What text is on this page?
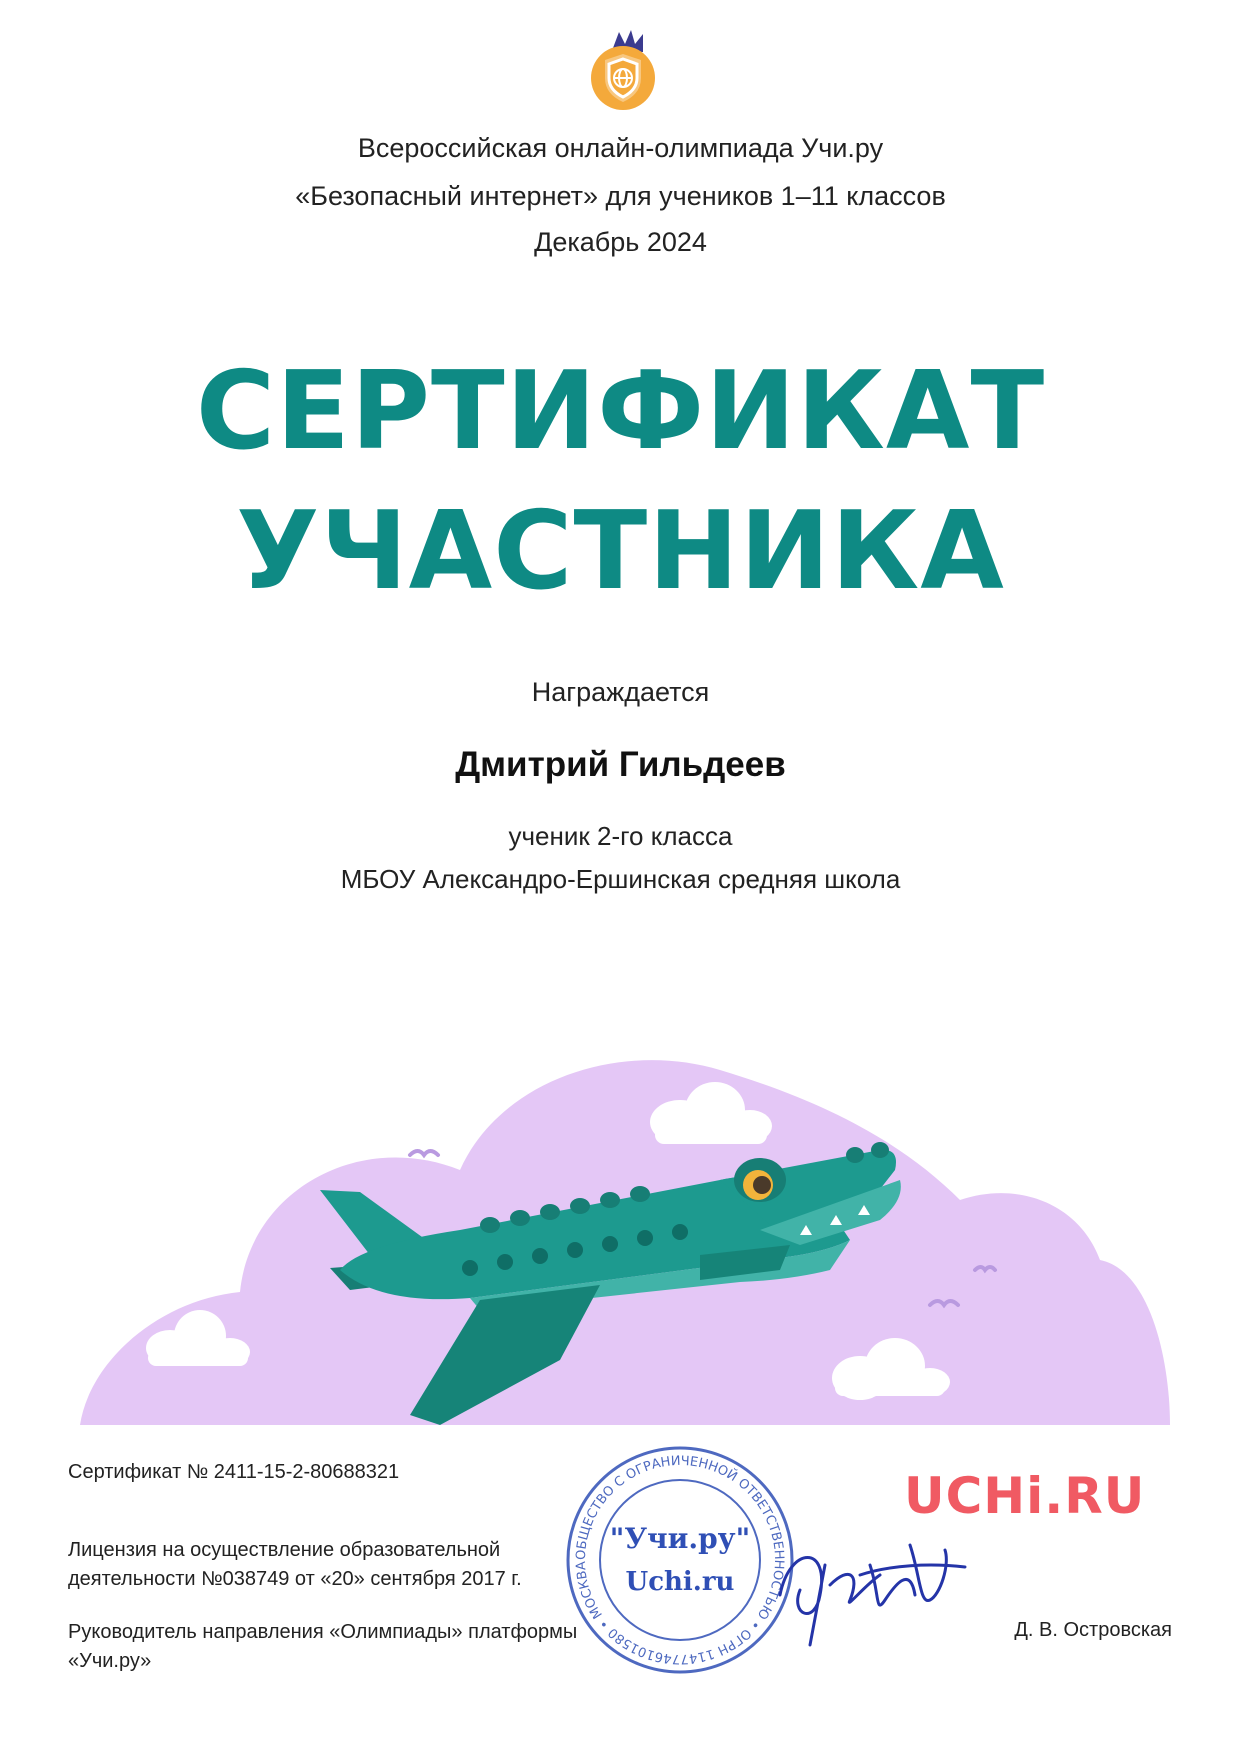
Всероссийская онлайн-олимпиада Учи.ру
«Безопасный интернет» для учеников 1–11 классов
Декабрь 2024
СЕРТИФИКАТ
УЧАСТНИКА
Награждается
Дмитрий Гильдеев
ученик 2-го класса
МБОУ Александро-Ершинская средняя школа
Сертификат № 2411-15-2-80688321
Лицензия на осуществление образовательной деятельности №038749 от «20» сентября 2017 г.
Руководитель направления «Олимпиады» платформы «Учи.ру»
ОБЩЕСТВО С ОГРАНИЧЕННОЙ ОТВЕТСТВЕННОСТЬЮ • ОГРН 1147746101580 • МОСКВА
"Учи.ру"
Uchi.ru
UCHi.RU
Д. В. Островская
